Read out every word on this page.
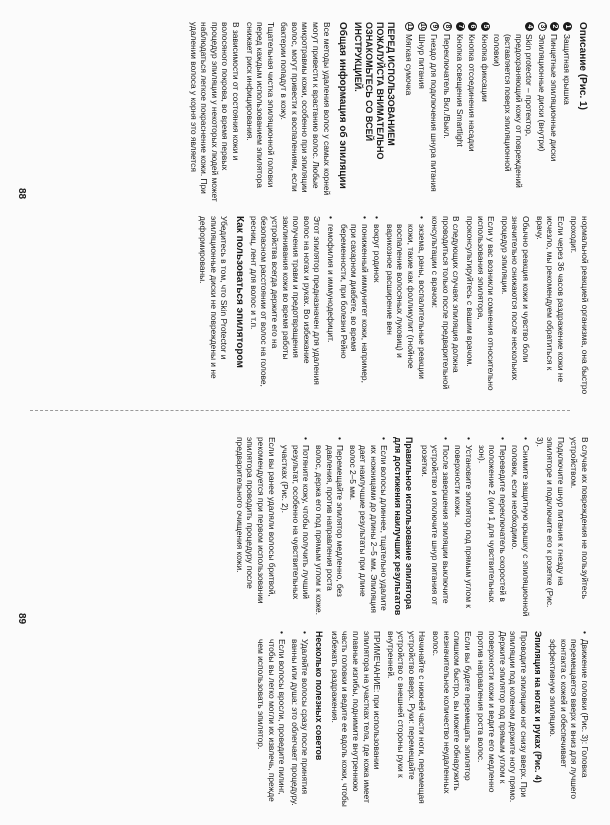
Описание (Рис. 1)
1
Защитная крышка
2
Пинцетные эпиляционные диски
3
Эпиляционные диски (внутри)
4
Skin protector – протектор, предохраняющий кожу от повреждений (вставляется поверх эпиляционной головки)
5
Кнопка фиксации
6
Кнопка отсоединения насадки
7
Кнопка освещения Smartlight
8
Переключатель Вкл./Выкл.
9
Гнездо для подключения шнура питания
10
Шнур питания
11
Мягкая сумочка
ПЕРЕД ИСПОЛЬЗОВАНИЕМ ПОЖАЛУЙСТА ВНИМАТЕЛЬНО ОЗНАКОМЬТЕСЬ СО ВСЕЙ ИНСТРУКЦИЕЙ.
Общая информация об эпиляции

Все методы удаления волос у самых корней могут привести к врастанию волос. Любые микротравмы кожи, особенно при эпиляции волос, могут привести к воспалениям, если бактерии попадут в кожу.

Тщательная чистка эпиляционной головки перед каждым использованием эпилятора снижает риск инфицирования.

В зависимости от состояния кожи и волосяного покрова, во время первых процедур эпиляции у некоторых людей может наблюдаться легкое покраснение кожи. При удалении волоса у корня это является

нормальной реакцией организма, она быстро проходит.

Если через 36 часов раздражение кожи не исчезло, мы рекомендуем обратиться к врачу.

Обычно реакция кожи и чувство боли значительно снижаются после нескольких процедур эпиляции.

Если у вас возникли сомнения относительно использования эпилятора, проконсультируйтесь с вашим врачом.

В следующих случаях эпиляция должна проводиться только после предварительной консультации с врачом:

• экзема, раны, воспалительные реакции кожи, такие как фолликулит (гнойное воспаление волосяных луковиц) и варикозное расширение вен
• вокруг родинок
• пониженный иммунитет кожи, например, при сахарном диабете, во время беременности, при болезни Рейно
• гемофилия и иммунодефицит.

Этот эпилятор предназначен для удаления волос на ногах и руках. Во избежание получения травм и предотвращения заклинивания кожи во время работы устройства всегда держите его на безопасном расстоянии от волос на голове, ресниц, лент для волос и т.п.

Как пользоваться эпилятором

Убедитесь в том, что Skin Protector и эпиляционные диски не повреждены и не деформированы.

88

В случае их повреждения не пользуйтесь устройством.

Подключите шнур питания к гнезду на эпиляторе и подключите его к розетке (Рис. 3).

• Снимите защитную крышку с эпиляционной головки, если необходимо.
• Переведите переключатель скоростей в положение 2 (или 1 для чувствительных зон).
• Установите эпилятор под прямым углом к поверхности кожи.
• После завершения эпиляции выключите устройство и отключите шнур питания от розетки.
Правильное использование эпилятора для достижения наилучших результатов
• Если волосы длиннее, тщательно удалите их ножницами до длины 2–5 мм. Эпиляция дает наилучшие результаты при длине волос 2–5 мм.
• Перемещайте эпилятор медленно, без давления, против направления роста волос, держа его под прямым углом к коже.
• Потяните кожу, чтобы получить лучший результат, особенно на чувствительных участках (Рис. 2).

Если вы ранее удаляли волосы бритвой, рекомендуется при первом использовании эпилятора проводить процедуру после предварительного очищения кожи.

• Движение головки (Рис. 3): Головка перемещается вверх и вниз для лучшего контакта с кожей и обеспечивает эффективную эпиляцию.
Эпиляция на ногах и руках (Рис. 4)

Проводите эпиляцию ног снизу вверх. При эпиляции под коленом держите ногу прямо. Держите эпилятор под прямым углом к поверхности кожи и ведите его медленно против направления роста волос.

Если вы будете перемещать эпилятор слишком быстро, вы можете обнаружить незначительное количество неудаленных волос.

Начинайте с нижней части ноги, перемещая устройство вверх. Руки: перемещайте устройство с внешней стороны руки к внутренней.

ПРИМЕЧАНИЕ: при использовании эпилятора на участках тела, где кожа имеет плавные изгибы, поднимите внутреннюю часть головки и ведите ее вдоль кожи, чтобы избежать раздражения.

Несколько полезных советов
• Удаляйте волосы сразу после принятия ванны или душа: это облегчает процедуру.
• Если волосы вросли, проведите пилинг, чтобы вы легко могли их извлечь, прежде чем использовать эпилятор.
89
